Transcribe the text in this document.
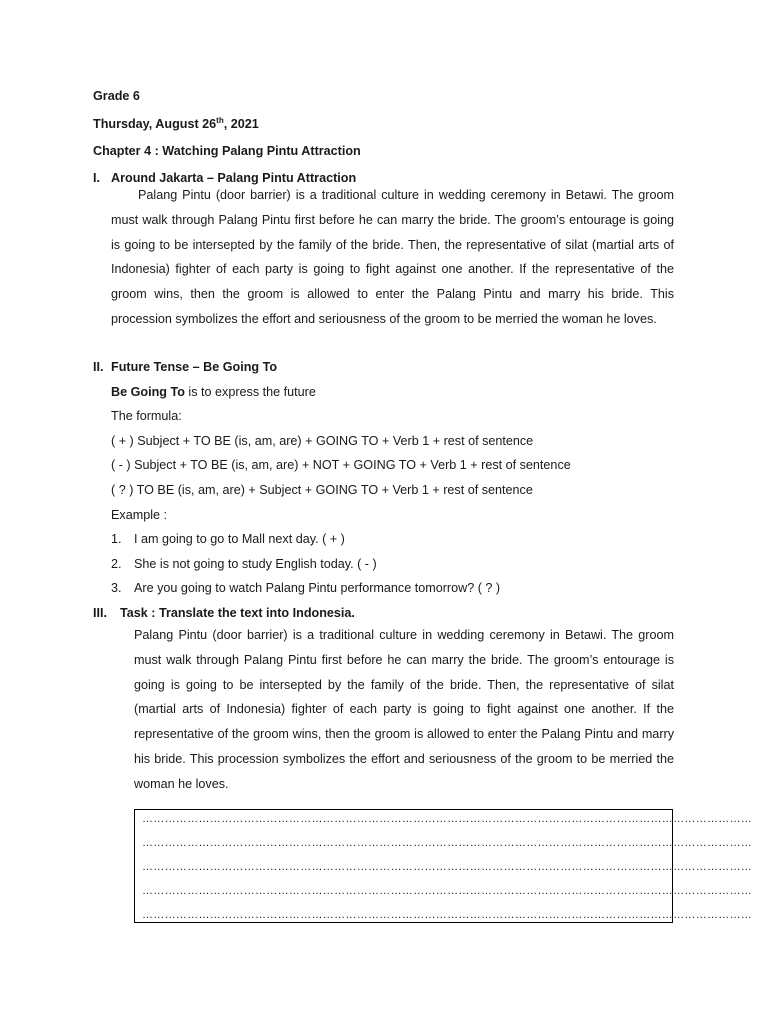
Grade 6
Thursday, August 26th, 2021
Chapter 4 : Watching Palang Pintu Attraction
I. Around Jakarta – Palang Pintu Attraction
Palang Pintu (door barrier) is a traditional culture in wedding ceremony in Betawi. The groom must walk through Palang Pintu first before he can marry the bride. The groom’s entourage is going is going to be intersepted by the family of the bride. Then, the representative of silat (martial arts of Indonesia) fighter of each party is going to fight against one another. If the representative of the groom wins, then the groom is allowed to enter the Palang Pintu and marry his bride. This procession symbolizes the effort and seriousness of the groom to be merried the woman he loves.
II. Future Tense – Be Going To
Be Going To is to express the future
The formula:
( + ) Subject + TO BE (is, am, are) + GOING TO + Verb 1 + rest of sentence
( - ) Subject + TO BE (is, am, are) + NOT + GOING TO + Verb 1 + rest of sentence
( ? ) TO BE (is, am, are) + Subject + GOING TO + Verb 1 + rest of sentence
Example :
1. I am going to go to Mall next day. ( + )
2. She is not going to study English today. ( - )
3. Are you going to watch Palang Pintu performance tomorrow? ( ? )
III. Task : Translate the text into Indonesia.
Palang Pintu (door barrier) is a traditional culture in wedding ceremony in Betawi. The groom must walk through Palang Pintu first before he can marry the bride. The groom’s entourage is going is going to be intersepted by the family of the bride. Then, the representative of silat (martial arts of Indonesia) fighter of each party is going to fight against one another. If the representative of the groom wins, then the groom is allowed to enter the Palang Pintu and marry his bride. This procession symbolizes the effort and seriousness of the groom to be merried the woman he loves.
………………………………………………………………………………………………………………………………………………
………………………………………………………………………………………………………………………………………………
………………………………………………………………………………………………………………………………………………
………………………………………………………………………………………………………………………………………………
………………………………………………………………………………………………………………………………………………
